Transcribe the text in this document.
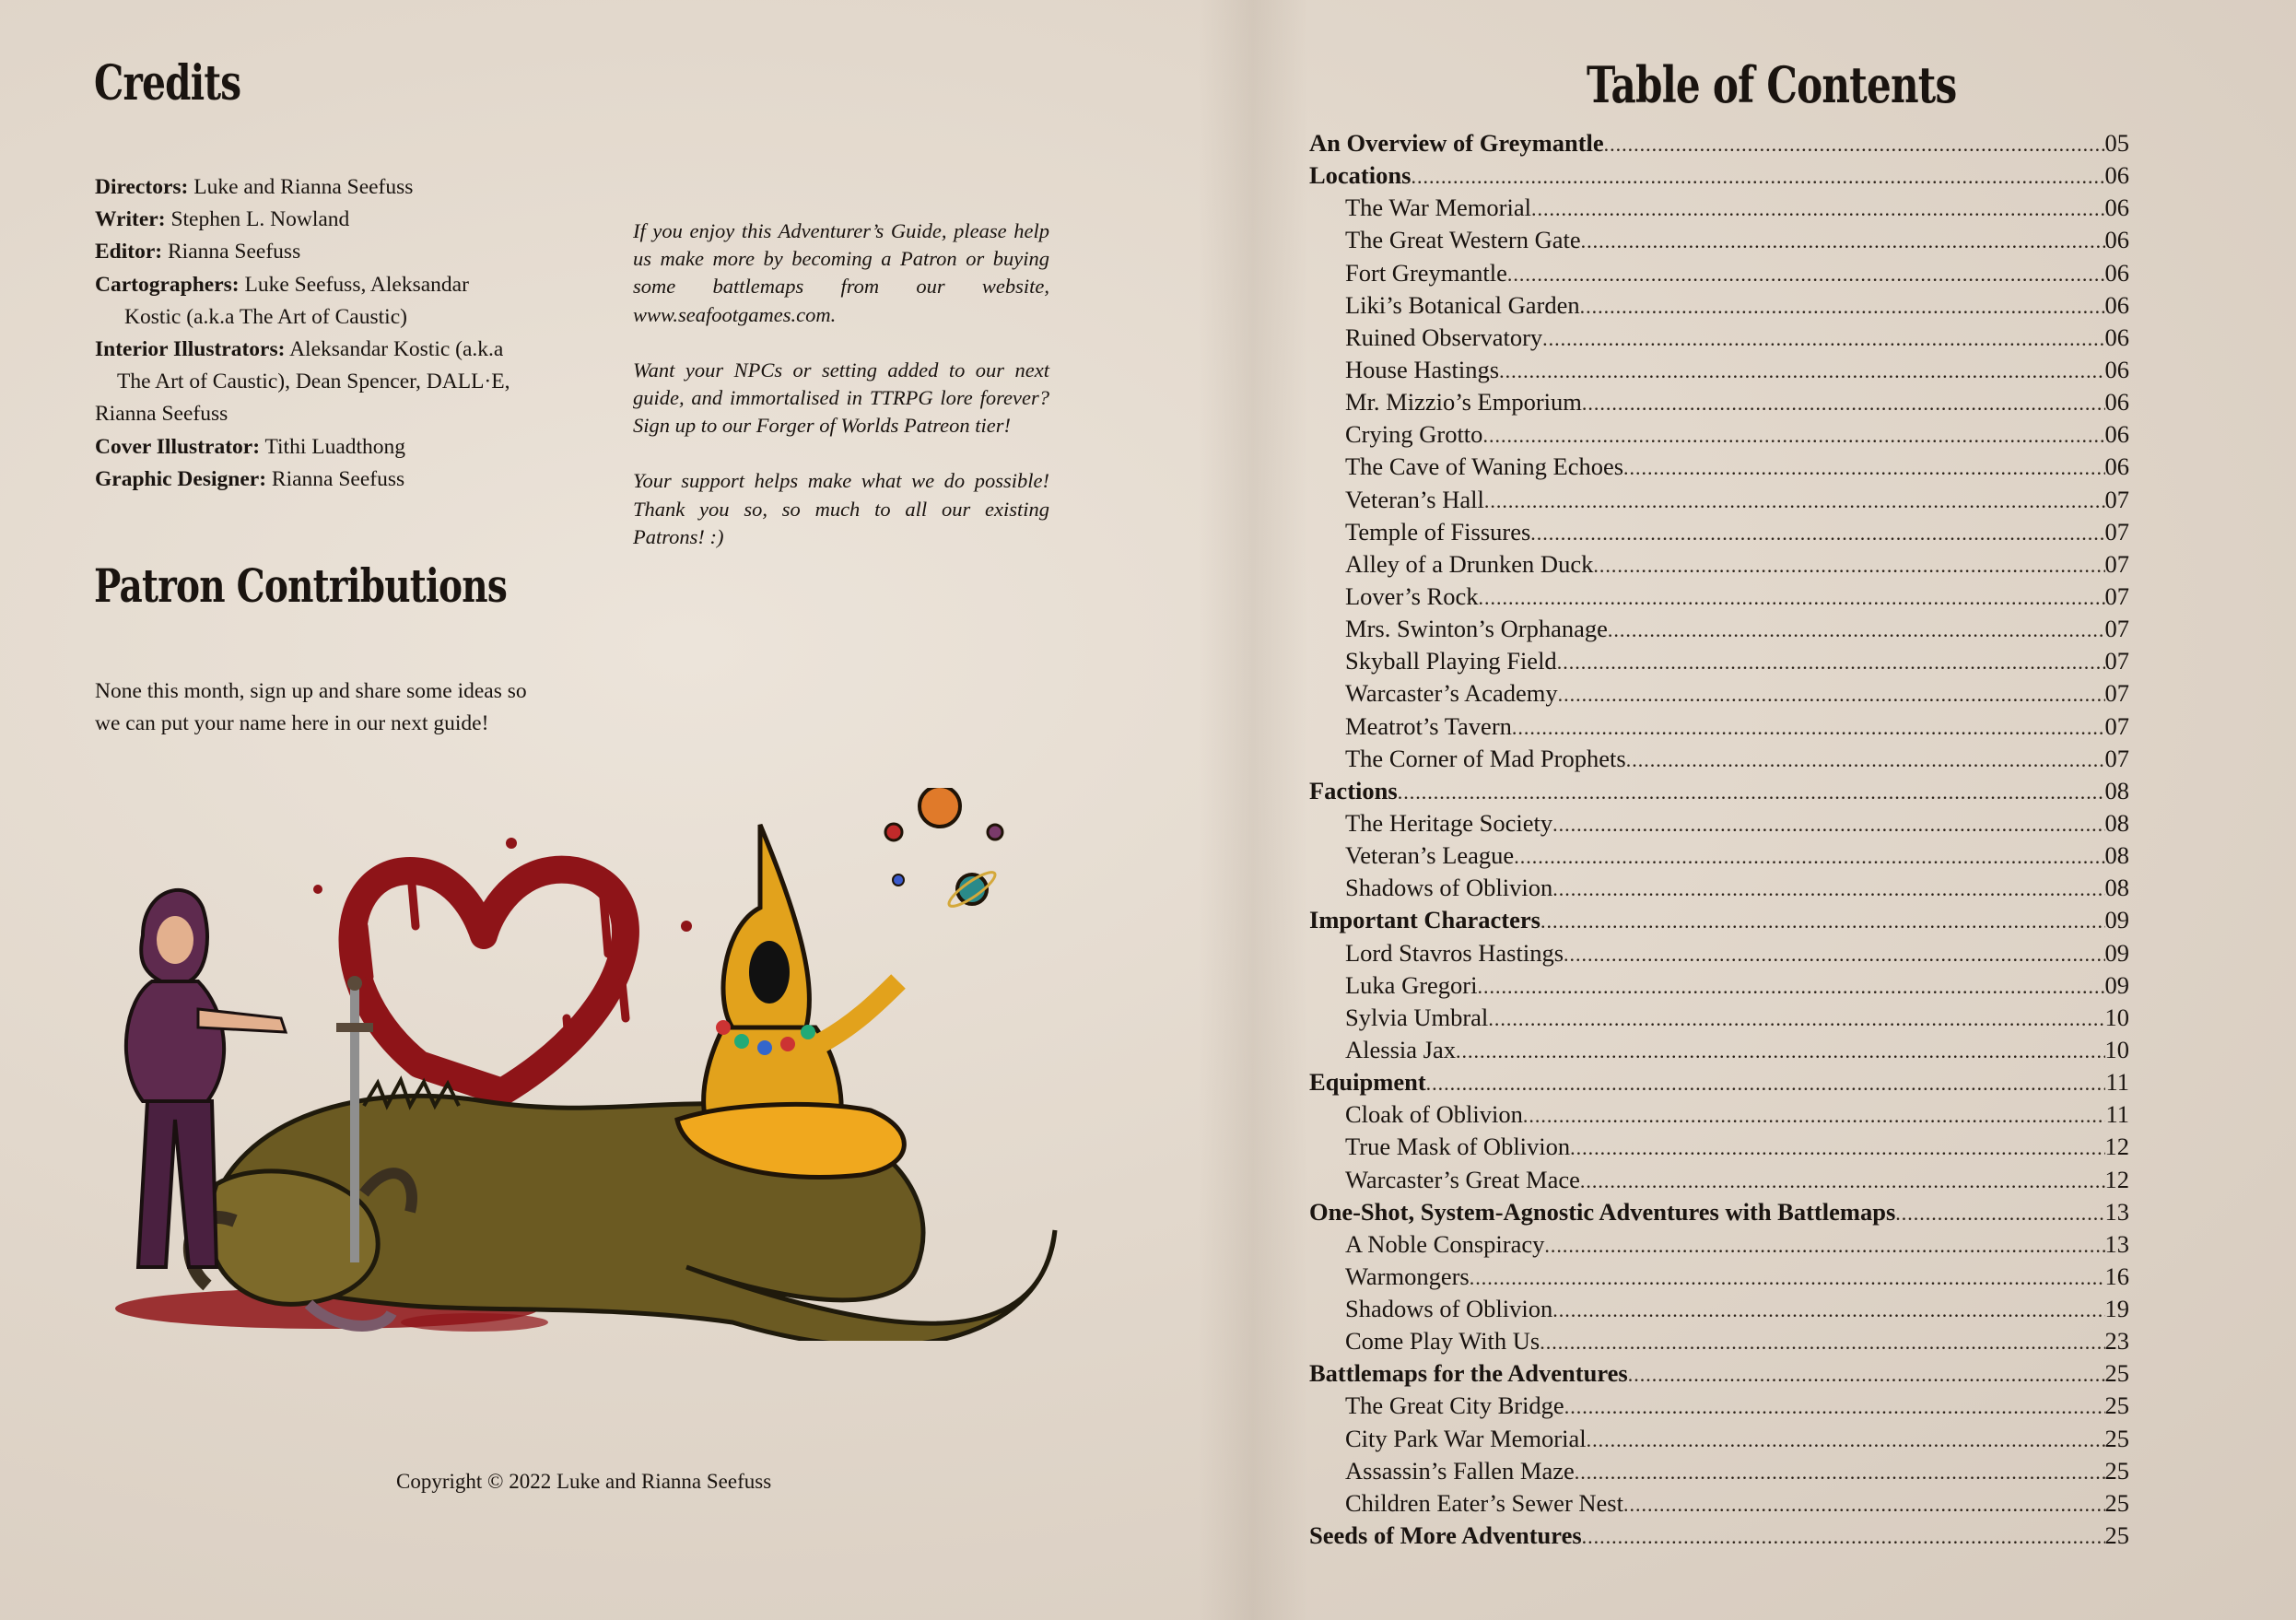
Credits

Directors: Luke and Rianna Seefuss

Writer: Stephen L. Nowland

Editor: Rianna Seefuss

Cartographers: Luke Seefuss, Aleksandar

Kostic (a.k.a The Art of Caustic)

Interior Illustrators: Aleksandar Kostic (a.k.a

The Art of Caustic), Dean Spencer, DALL·E,

Rianna Seefuss

Cover Illustrator: Tithi Luadthong

Graphic Designer: Rianna Seefuss

If you enjoy this Adventurer’s Guide, please help us make more by becoming a Patron or buying some battlemaps from our website, www.seafootgames.com.

Want your NPCs or setting added to our next guide, and immortalised in TTRPG lore forever? Sign up to our Forger of Worlds Patreon tier!

Your support helps make what we do possible! Thank you so, so much to all our existing Patrons! :)

Patron Contributions
None this month, sign up and share some ideas so we can put your name here in our next guide!
Copyright © 2022 Luke and Rianna Seefuss
Table of Contents
An Overview of Greymantle .....	05
Locations .....	06
The War Memorial .....	06
The Great Western Gate .....	06
Fort Greymantle .....	06
Liki’s Botanical Garden .....	06
Ruined Observatory .....	06
House Hastings .....	06
Mr. Mizzio’s Emporium .....	06
Crying Grotto .....	06
The Cave of Waning Echoes .....	06
Veteran’s Hall .....	07
Temple of Fissures .....	07
Alley of a Drunken Duck .....	07
Lover’s Rock .....	07
Mrs. Swinton’s Orphanage .....	07
Skyball Playing Field .....	07
Warcaster’s Academy .....	07
Meatrot’s Tavern .....	07
The Corner of Mad Prophets .....	07
Factions .....	08
The Heritage Society .....	08
Veteran’s League .....	08
Shadows of Oblivion .....	08
Important Characters .....	09
Lord Stavros Hastings .....	09
Luka Gregori .....	09
Sylvia Umbral .....	10
Alessia Jax .....	10
Equipment .....	11
Cloak of Oblivion .....	11
True Mask of Oblivion .....	12
Warcaster’s Great Mace .....	12
One-Shot, System-Agnostic Adventures with Battlemaps .....	13
A Noble Conspiracy .....	13
Warmongers .....	16
Shadows of Oblivion .....	19
Come Play With Us .....	23
Battlemaps for the Adventures .....	25
The Great City Bridge .....	25
City Park War Memorial .....	25
Assassin’s Fallen Maze .....	25
Children Eater’s Sewer Nest .....	25
Seeds of More Adventures .....	25
